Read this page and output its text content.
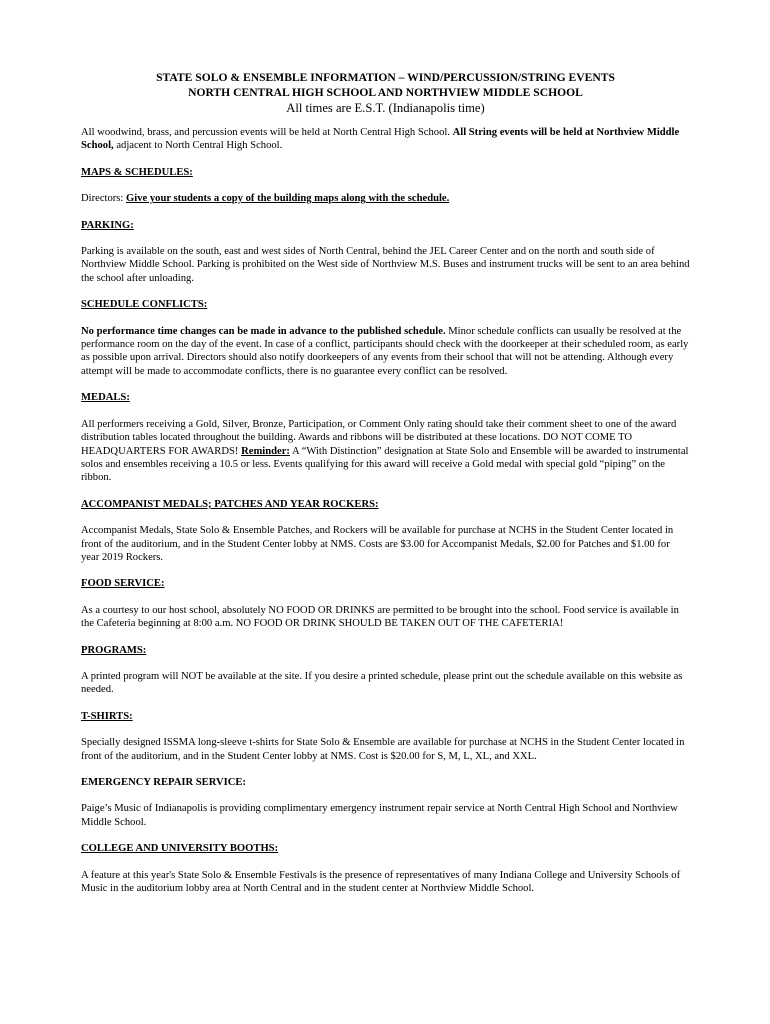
STATE SOLO & ENSEMBLE INFORMATION – WIND/PERCUSSION/STRING EVENTS
NORTH CENTRAL HIGH SCHOOL AND NORTHVIEW MIDDLE SCHOOL
All times are E.S.T. (Indianapolis time)

All woodwind, brass, and percussion events will be held at North Central High School. All String events will be held at Northview Middle School, adjacent to North Central High School.

MAPS & SCHEDULES:

Directors: Give your students a copy of the building maps along with the schedule.

PARKING:

Parking is available on the south, east and west sides of North Central, behind the JEL Career Center and on the north and south side of Northview Middle School. Parking is prohibited on the West side of Northview M.S. Buses and instrument trucks will be sent to an area behind the school after unloading.

SCHEDULE CONFLICTS:

No performance time changes can be made in advance to the published schedule. Minor schedule conflicts can usually be resolved at the performance room on the day of the event. In case of a conflict, participants should check with the doorkeeper at their scheduled room, as early as possible upon arrival. Directors should also notify doorkeepers of any events from their school that will not be attending. Although every attempt will be made to accommodate conflicts, there is no guarantee every conflict can be resolved.

MEDALS:

All performers receiving a Gold, Silver, Bronze, Participation, or Comment Only rating should take their comment sheet to one of the award distribution tables located throughout the building. Awards and ribbons will be distributed at these locations. DO NOT COME TO HEADQUARTERS FOR AWARDS! Reminder: A “With Distinction” designation at State Solo and Ensemble will be awarded to instrumental solos and ensembles receiving a 10.5 or less. Events qualifying for this award will receive a Gold medal with special gold “piping” on the ribbon.

ACCOMPANIST MEDALS; PATCHES AND YEAR ROCKERS:

Accompanist Medals, State Solo & Ensemble Patches, and Rockers will be available for purchase at NCHS in the Student Center located in front of the auditorium, and in the Student Center lobby at NMS. Costs are $3.00 for Accompanist Medals, $2.00 for Patches and $1.00 for year 2019 Rockers.

FOOD SERVICE:

As a courtesy to our host school, absolutely NO FOOD OR DRINKS are permitted to be brought into the school. Food service is available in the Cafeteria beginning at 8:00 a.m. NO FOOD OR DRINK SHOULD BE TAKEN OUT OF THE CAFETERIA!

PROGRAMS:

A printed program will NOT be available at the site. If you desire a printed schedule, please print out the schedule available on this website as needed.

T-SHIRTS:

Specially designed ISSMA long-sleeve t-shirts for State Solo & Ensemble are available for purchase at NCHS in the Student Center located in front of the auditorium, and in the Student Center lobby at NMS. Cost is $20.00 for S, M, L, XL, and XXL.

EMERGENCY REPAIR SERVICE:

Paige’s Music of Indianapolis is providing complimentary emergency instrument repair service at North Central High School and Northview Middle School.

COLLEGE AND UNIVERSITY BOOTHS:

A feature at this year's State Solo & Ensemble Festivals is the presence of representatives of many Indiana College and University Schools of Music in the auditorium lobby area at North Central and in the student center at Northview Middle School.
